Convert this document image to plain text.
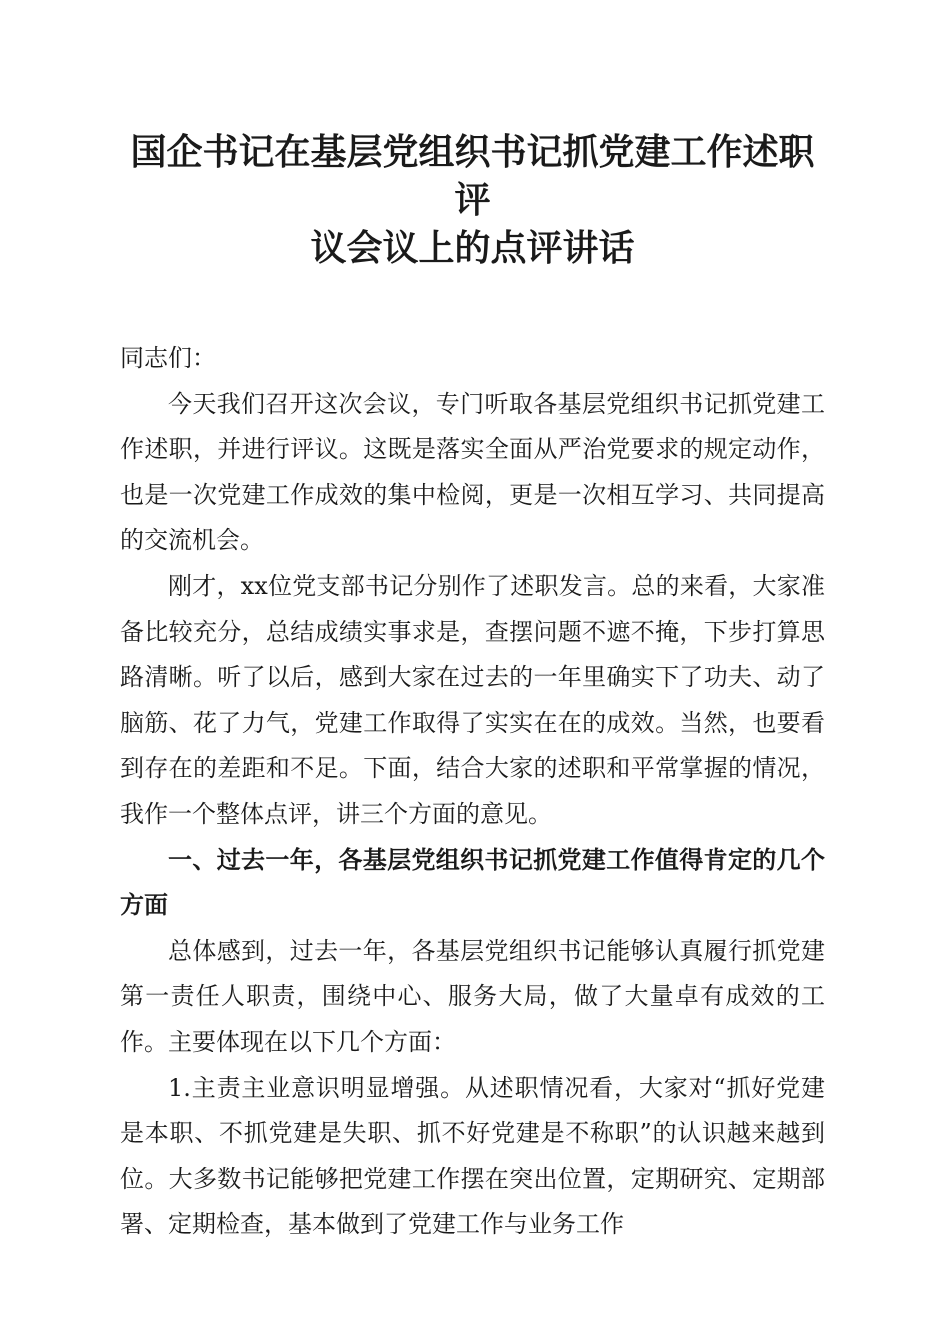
国企书记在基层党组织书记抓党建工作述职评
议会议上的点评讲话

同志们：

今天我们召开这次会议，专门听取各基层党组织书记抓党建工作述职，并进行评议。这既是落实全面从严治党要求的规定动作，也是一次党建工作成效的集中检阅，更是一次相互学习、共同提高的交流机会。

刚才，xx位党支部书记分别作了述职发言。总的来看，大家准备比较充分，总结成绩实事求是，查摆问题不遮不掩，下步打算思路清晰。听了以后，感到大家在过去的一年里确实下了功夫、动了脑筋、花了力气，党建工作取得了实实在在的成效。当然，也要看到存在的差距和不足。下面，结合大家的述职和平常掌握的情况，我作一个整体点评，讲三个方面的意见。

一、过去一年，各基层党组织书记抓党建工作值得肯定的几个方面

总体感到，过去一年，各基层党组织书记能够认真履行抓党建第一责任人职责，围绕中心、服务大局，做了大量卓有成效的工作。主要体现在以下几个方面：

1.主责主业意识明显增强。从述职情况看，大家对“抓好党建是本职、不抓党建是失职、抓不好党建是不称职”的认识越来越到位。大多数书记能够把党建工作摆在突出位置，定期研究、定期部署、定期检查，基本做到了党建工作与业务工作
